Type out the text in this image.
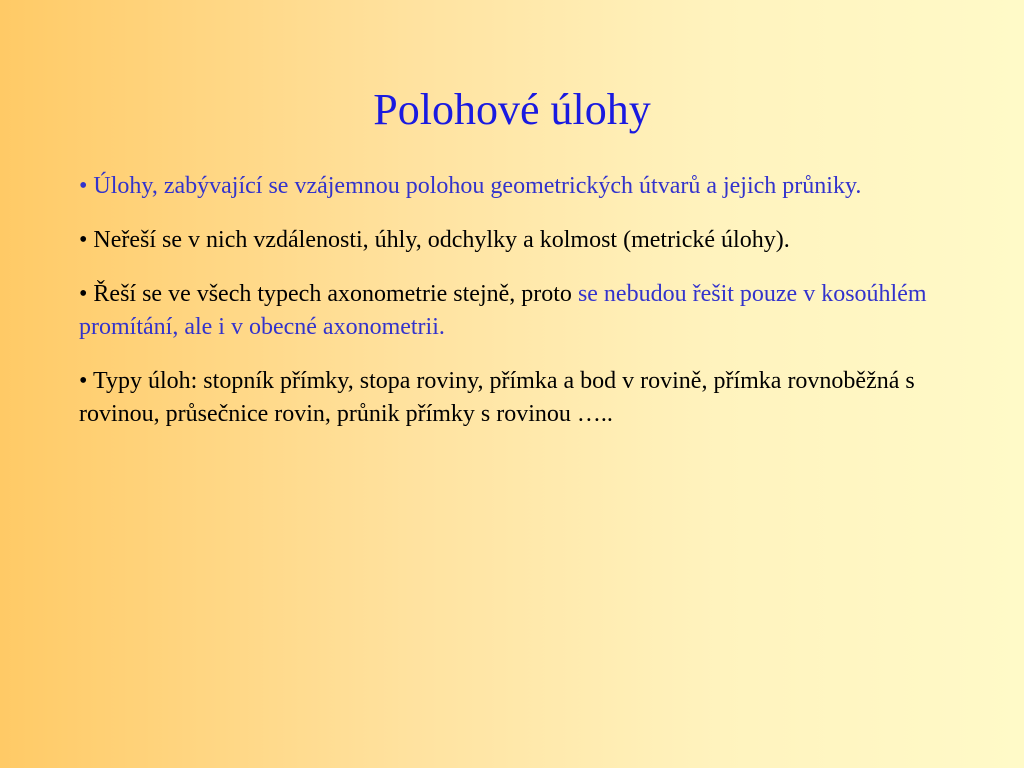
Polohové úlohy
• Úlohy, zabývající se vzájemnou polohou geometrických útvarů a jejich průniky.
• Neřeší se v nich vzdálenosti, úhly, odchylky a kolmost (metrické úlohy).
• Řeší se ve všech typech axonometrie stejně, proto se nebudou řešit pouze v kosoúhlém promítání, ale i v obecné axonometrii.
• Typy úloh: stopník přímky, stopa roviny, přímka a bod v rovině, přímka rovnoběžná s rovinou, průsečnice rovin, průnik přímky s rovinou …..
